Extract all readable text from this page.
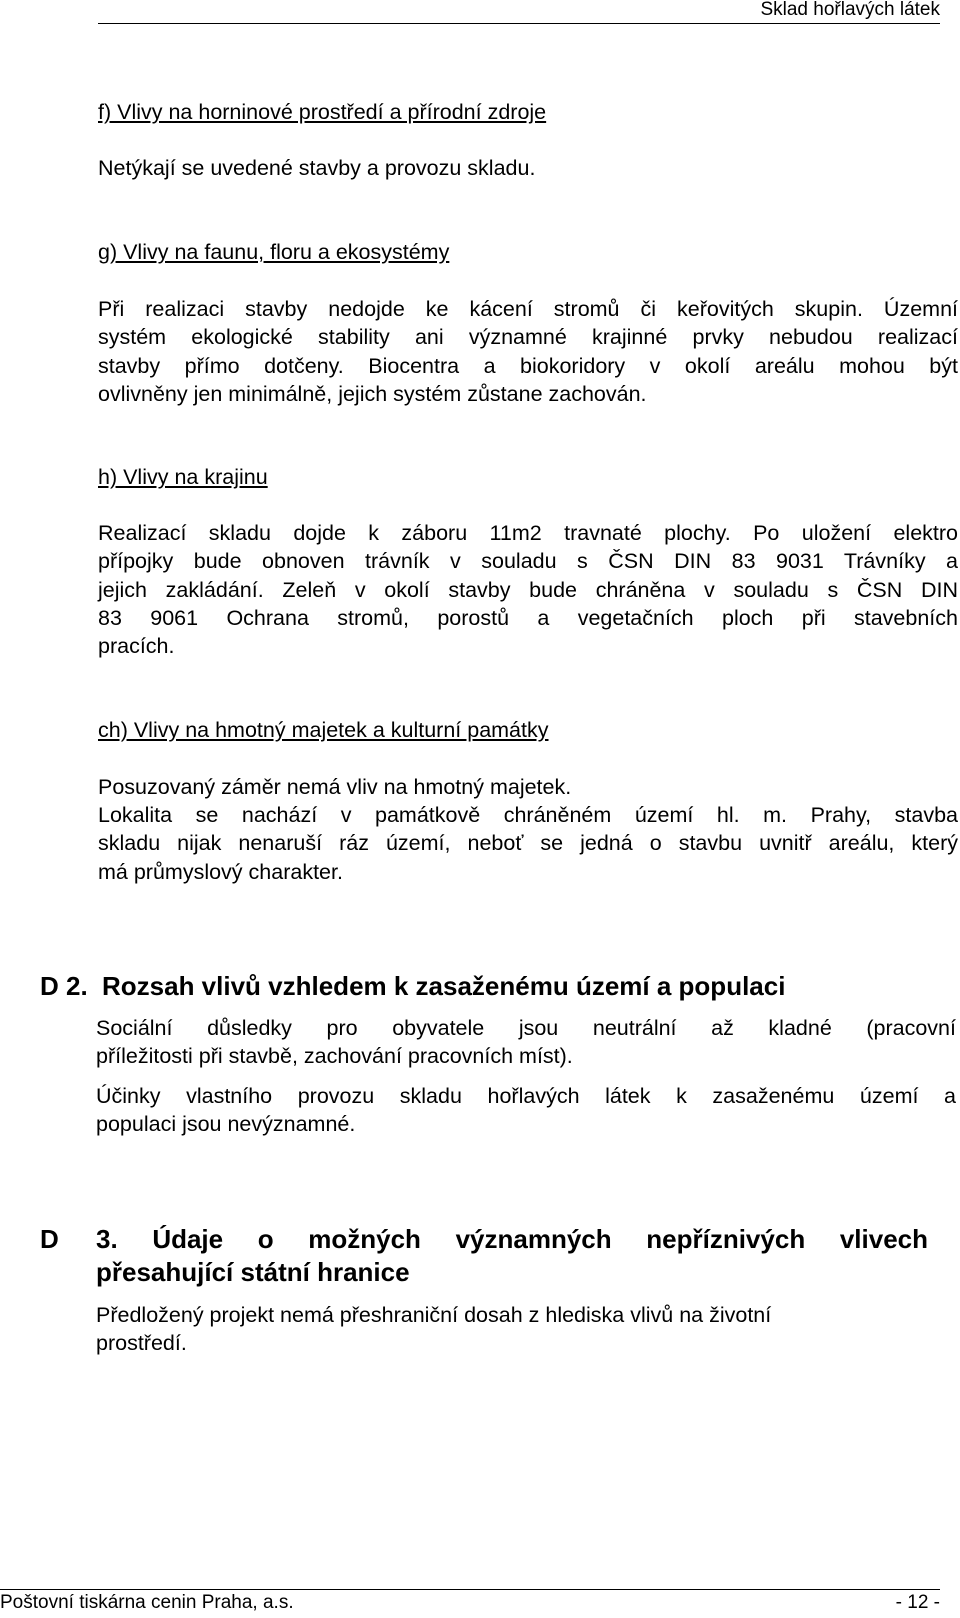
Sklad hořlavých látek
f) Vlivy na horninové prostředí a přírodní zdroje

Netýkají se uvedené stavby a provozu skladu.

g) Vlivy na faunu, floru a ekosystémy

Při realizaci stavby nedojde ke kácení stromů či keřovitých skupin. Územní
systém ekologické stability ani významné krajinné prvky nebudou realizací
stavby přímo dotčeny. Biocentra a biokoridory v okolí areálu mohou být
ovlivněny jen minimálně, jejich systém zůstane zachován.

h) Vlivy na krajinu

Realizací skladu dojde k záboru 11m2 travnaté plochy. Po uložení elektro
přípojky bude obnoven trávník v souladu s ČSN DIN 83 9031 Trávníky a
jejich zakládání. Zeleň v okolí stavby bude chráněna v souladu s ČSN DIN
83 9061 Ochrana stromů, porostů a vegetačních ploch při stavebních
pracích.

ch) Vlivy na hmotný majetek a kulturní památky

Posuzovaný záměr nemá vliv na hmotný majetek.

Lokalita se nachází v památkově chráněném území hl. m. Prahy, stavba
skladu nijak nenaruší ráz území, neboť se jedná o stavbu uvnitř areálu, který
má průmyslový charakter.

D 2. Rozsah vlivů vzhledem k zasaženému území a populaci

Sociální důsledky pro obyvatele jsou neutrální až kladné (pracovní
příležitosti při stavbě, zachování pracovních míst).

Účinky vlastního provozu skladu hořlavých látek k zasaženému území a
populaci jsou nevýznamné.

D 3. Údaje o možných významných nepříznivých vlivech
přesahující státní hranice

Předložený projekt nemá přeshraniční dosah z hlediska vlivů na životní
prostředí.

Poštovní tiskárna cenin Praha, a.s.	- 12 -
